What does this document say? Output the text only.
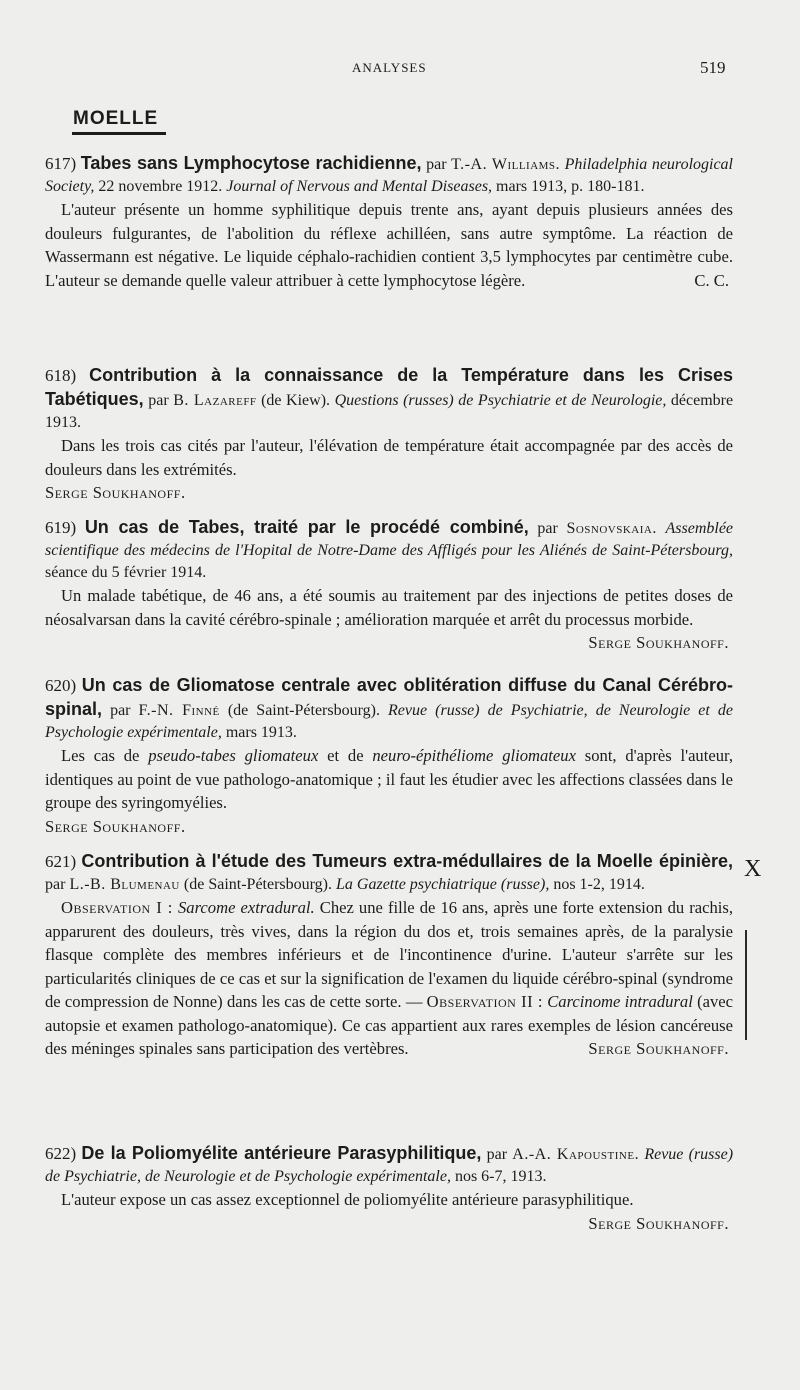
ANALYSES	519
MOELLE

617) Tabes sans Lymphocytose rachidienne, par T.-A. Williams. Philadelphia neurological Society, 22 novembre 1912. Journal of Nervous and Mental Diseases, mars 1913, p. 180-181.

L'auteur présente un homme syphilitique depuis trente ans, ayant depuis plusieurs années des douleurs fulgurantes, de l'abolition du réflexe achilléen, sans autre symptôme. La réaction de Wassermann est négative. Le liquide céphalo-rachidien contient 3,5 lymphocytes par centimètre cube. L'auteur se demande quelle valeur attribuer à cette lymphocytose légère.	C. C.

618) Contribution à la connaissance de la Température dans les Crises Tabétiques, par B. Lazareff (de Kiew). Questions (russes) de Psychiatrie et de Neurologie, décembre 1913.

Dans les trois cas cités par l'auteur, l'élévation de température était accompagnée par des accès de douleurs dans les extrémités.

Serge Soukhanoff.

619) Un cas de Tabes, traité par le procédé combiné, par Sosnovskaia. Assemblée scientifique des médecins de l'Hopital de Notre-Dame des Affligés pour les Aliénés de Saint-Pétersbourg, séance du 5 février 1914.

Un malade tabétique, de 46 ans, a été soumis au traitement par des injections de petites doses de néosalvarsan dans la cavité cérébro-spinale ; amélioration marquée et arrêt du processus morbide.
Serge Soukhanoff.

620) Un cas de Gliomatose centrale avec oblitération diffuse du Canal Cérébro-spinal, par F.-N. Finné (de Saint-Pétersbourg). Revue (russe) de Psychiatrie, de Neurologie et de Psychologie expérimentale, mars 1913.

Les cas de pseudo-tabes gliomateux et de neuro-épithéliome gliomateux sont, d'après l'auteur, identiques au point de vue pathologo-anatomique ; il faut les étudier avec les affections classées dans le groupe des syringomyélies.

Serge Soukhanoff.

621) Contribution à l'étude des Tumeurs extra-médullaires de la Moelle épinière, par L.-B. Blumenau (de Saint-Pétersbourg). La Gazette psychiatrique (russe), nos 1-2, 1914.

Observation I : Sarcome extradural. Chez une fille de 16 ans, après une forte extension du rachis, apparurent des douleurs, très vives, dans la région du dos et, trois semaines après, de la paralysie flasque complète des membres inférieurs et de l'incontinence d'urine. L'auteur s'arrête sur les particularités cliniques de ce cas et sur la signification de l'examen du liquide cérébro-spinal (syndrome de compression de Nonne) dans les cas de cette sorte. — Observation II : Carcinome intradural (avec autopsie et examen pathologo-anatomique). Ce cas appartient aux rares exemples de lésion cancéreuse des méninges spinales sans participation des vertèbres.	Serge Soukhanoff.

622) De la Poliomyélite antérieure Parasyphilitique, par A.-A. Kapoustine. Revue (russe) de Psychiatrie, de Neurologie et de Psychologie expérimentale, nos 6-7, 1913.

L'auteur expose un cas assez exceptionnel de poliomyélite antérieure parasyphilitique.
Serge Soukhanoff.

X
